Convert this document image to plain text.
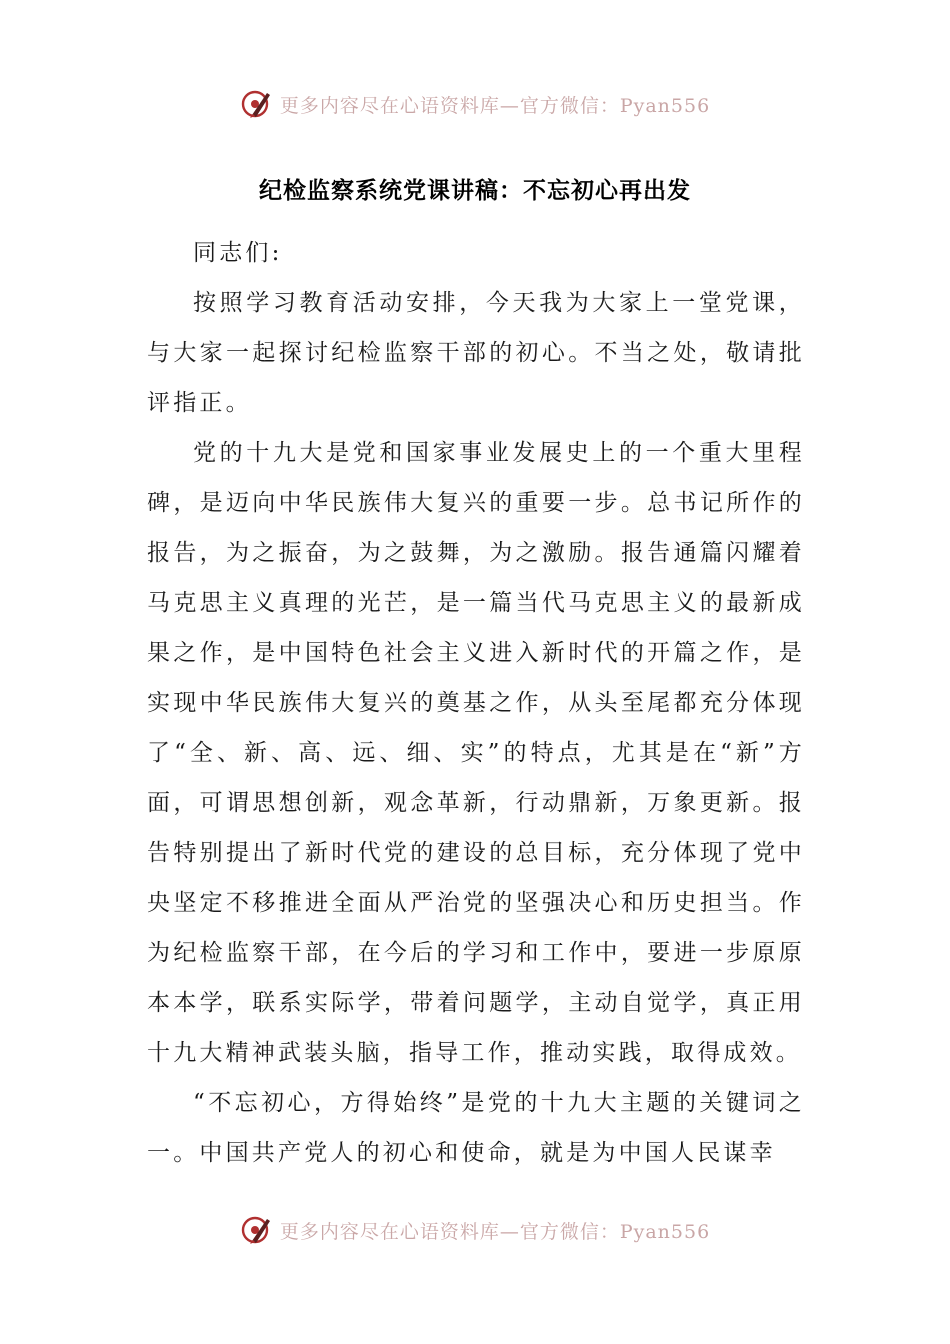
更多内容尽在心语资料库—官方微信：Pyan556
纪检监察系统党课讲稿：不忘初心再出发

同志们:

按照学习教育活动安排，今天我为大家上一堂党课，与大家一起探讨纪检监察干部的初心。不当之处，敬请批评指正。

党的十九大是党和国家事业发展史上的一个重大里程碑，是迈向中华民族伟大复兴的重要一步。总书记所作的报告，为之振奋，为之鼓舞，为之激励。报告通篇闪耀着马克思主义真理的光芒，是一篇当代马克思主义的最新成果之作，是中国特色社会主义进入新时代的开篇之作，是实现中华民族伟大复兴的奠基之作，从头至尾都充分体现了“全、新、高、远、细、实”的特点，尤其是在“新”方面，可谓思想创新，观念革新，行动鼎新，万象更新。报告特别提出了新时代党的建设的总目标，充分体现了党中央坚定不移推进全面从严治党的坚强决心和历史担当。作为纪检监察干部，在今后的学习和工作中，要进一步原原本本学，联系实际学，带着问题学，主动自觉学，真正用十九大精神武装头脑，指导工作，推动实践，取得成效。

“不忘初心，方得始终”是党的十九大主题的关键词之一。中国共产党人的初心和使命，就是为中国人民谋幸

更多内容尽在心语资料库—官方微信：Pyan556
